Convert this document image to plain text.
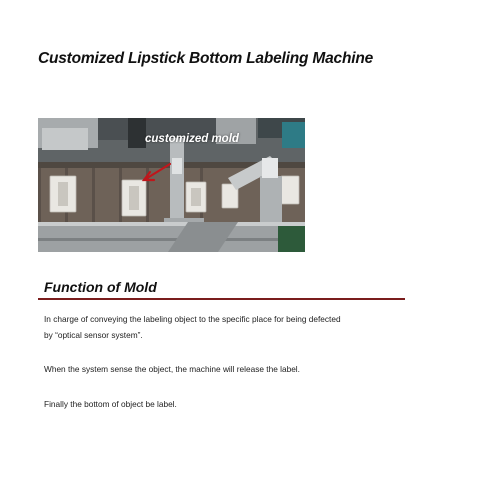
Customized Lipstick Bottom Labeling Machine
customized mold
Function of Mold
In charge of conveying the labeling object to the specific place for being defected
by “optical sensor system”.
When the system sense the object, the machine will release the label.
Finally the bottom of object be label.
